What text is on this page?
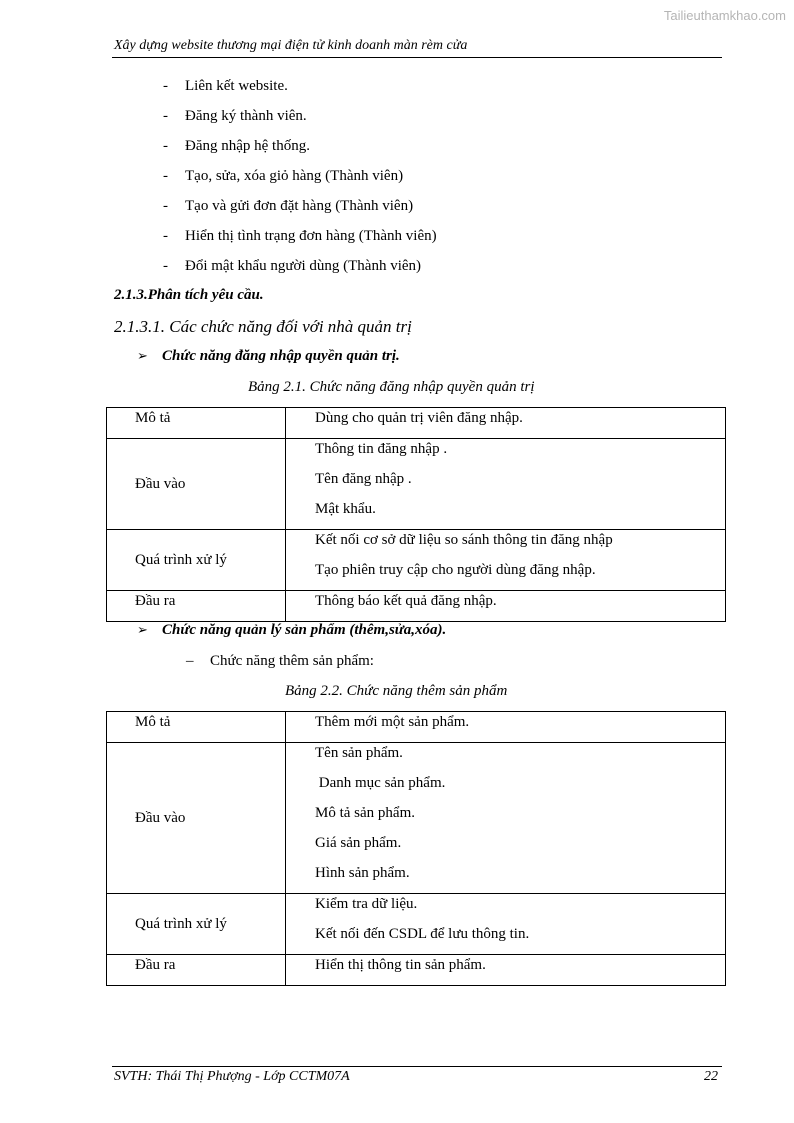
Tailieuthamkhao.com
Xây dựng website thương mại điện tử kinh doanh màn rèm cửa
- Liên kết website.
- Đăng ký thành viên.
- Đăng nhập hệ thống.
- Tạo, sửa, xóa giỏ hàng (Thành viên)
- Tạo và gửi đơn đặt hàng (Thành viên)
- Hiển thị tình trạng đơn hàng (Thành viên)
- Đổi mật khẩu người dùng (Thành viên)
2.1.3.Phân tích yêu cầu.
2.1.3.1. Các chức năng đối với nhà quản trị
➢ Chức năng đăng nhập quyền quản trị.
Bảng 2.1. Chức năng đăng nhập quyền quản trị
Mô tả	Dùng cho quản trị viên đăng nhập.

Đầu vào	Thông tin đăng nhập .
Tên đăng nhập .
Mật khẩu.

Quá trình xử lý	Kết nối cơ sở dữ liệu so sánh thông tin đăng nhập
Tạo phiên truy cập cho người dùng đăng nhập.

Đầu ra	Thông báo kết quả đăng nhập.
➢ Chức năng quản lý sản phẩm (thêm,sửa,xóa).
– Chức năng thêm sản phẩm:
Bảng 2.2. Chức năng thêm sản phẩm
Mô tả	Thêm mới một sản phẩm.

Đầu vào	Tên sản phẩm.
Danh mục sản phẩm.
Mô tả sản phẩm.
Giá sản phẩm.
Hình sản phẩm.

Quá trình xử lý	Kiểm tra dữ liệu.
Kết nối đến CSDL để lưu thông tin.

Đầu ra	Hiển thị thông tin sản phẩm.
SVTH: Thái Thị Phượng - Lớp CCTM07A	22
